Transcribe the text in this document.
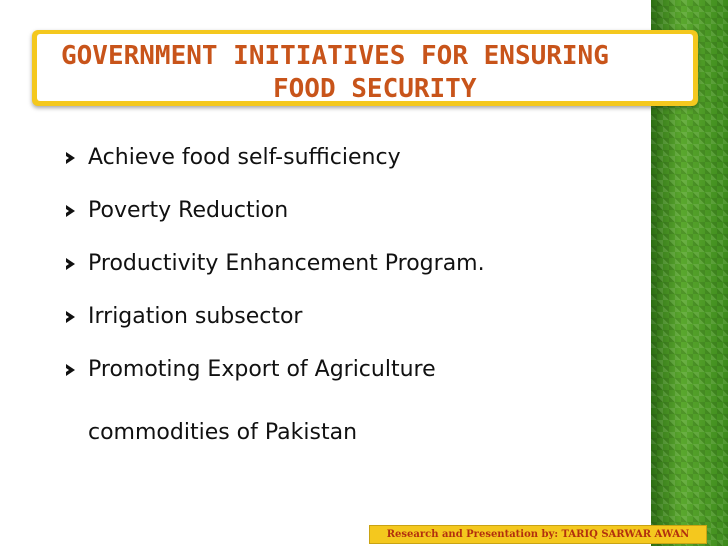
GOVERNMENT INITIATIVES FOR ENSURING
FOOD SECURITY
Achieve food self-sufficiency
Poverty Reduction
Productivity Enhancement Program.
Irrigation subsector
Promoting Export of Agriculture
commodities of Pakistan
Research and Presentation by: TARIQ SARWAR AWAN
